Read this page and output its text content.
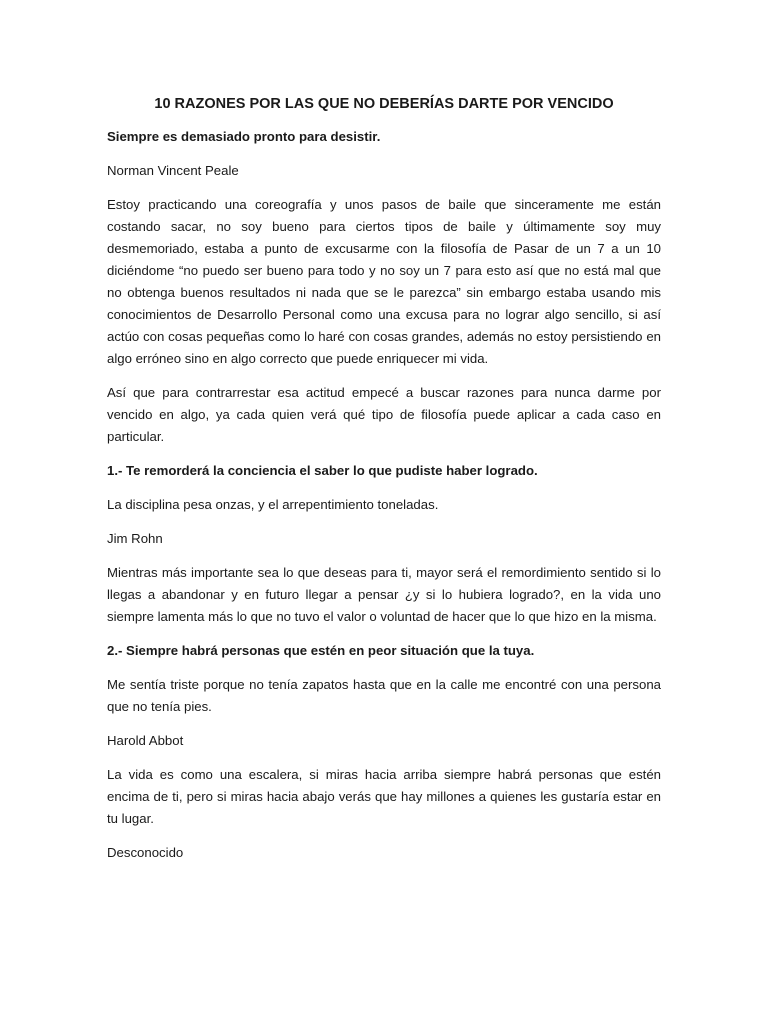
10 RAZONES POR LAS QUE NO DEBERÍAS DARTE POR VENCIDO

Siempre es demasiado pronto para desistir.

Norman Vincent Peale

Estoy practicando una coreografía y unos pasos de baile que sinceramente me están costando sacar, no soy bueno para ciertos tipos de baile y últimamente soy muy desmemoriado, estaba a punto de excusarme con la filosofía de Pasar de un 7 a un 10 diciéndome “no puedo ser bueno para todo y no soy un 7 para esto así que no está mal que no obtenga buenos resultados ni nada que se le parezca” sin embargo estaba usando mis conocimientos de Desarrollo Personal como una excusa para no lograr algo sencillo, si así actúo con cosas pequeñas como lo haré con cosas grandes, además no estoy persistiendo en algo erróneo sino en algo correcto que puede enriquecer mi vida.

Así que para contrarrestar esa actitud empecé a buscar razones para nunca darme por vencido en algo, ya cada quien verá qué tipo de filosofía puede aplicar a cada caso en particular.

1.- Te remorderá la conciencia el saber lo que pudiste haber logrado.

La disciplina pesa onzas, y el arrepentimiento toneladas.

Jim Rohn

Mientras más importante sea lo que deseas para ti, mayor será el remordimiento sentido si lo llegas a abandonar y en futuro llegar a pensar ¿y si lo hubiera logrado?, en la vida uno siempre lamenta más lo que no tuvo el valor o voluntad de hacer que lo que hizo en la misma.

2.- Siempre habrá personas que estén en peor situación que la tuya.

Me sentía triste porque no tenía zapatos hasta que en la calle me encontré con una persona que no tenía pies.

Harold Abbot

La vida es como una escalera, si miras hacia arriba siempre habrá personas que estén encima de ti, pero si miras hacia abajo verás que hay millones a quienes les gustaría estar en tu lugar.

Desconocido
